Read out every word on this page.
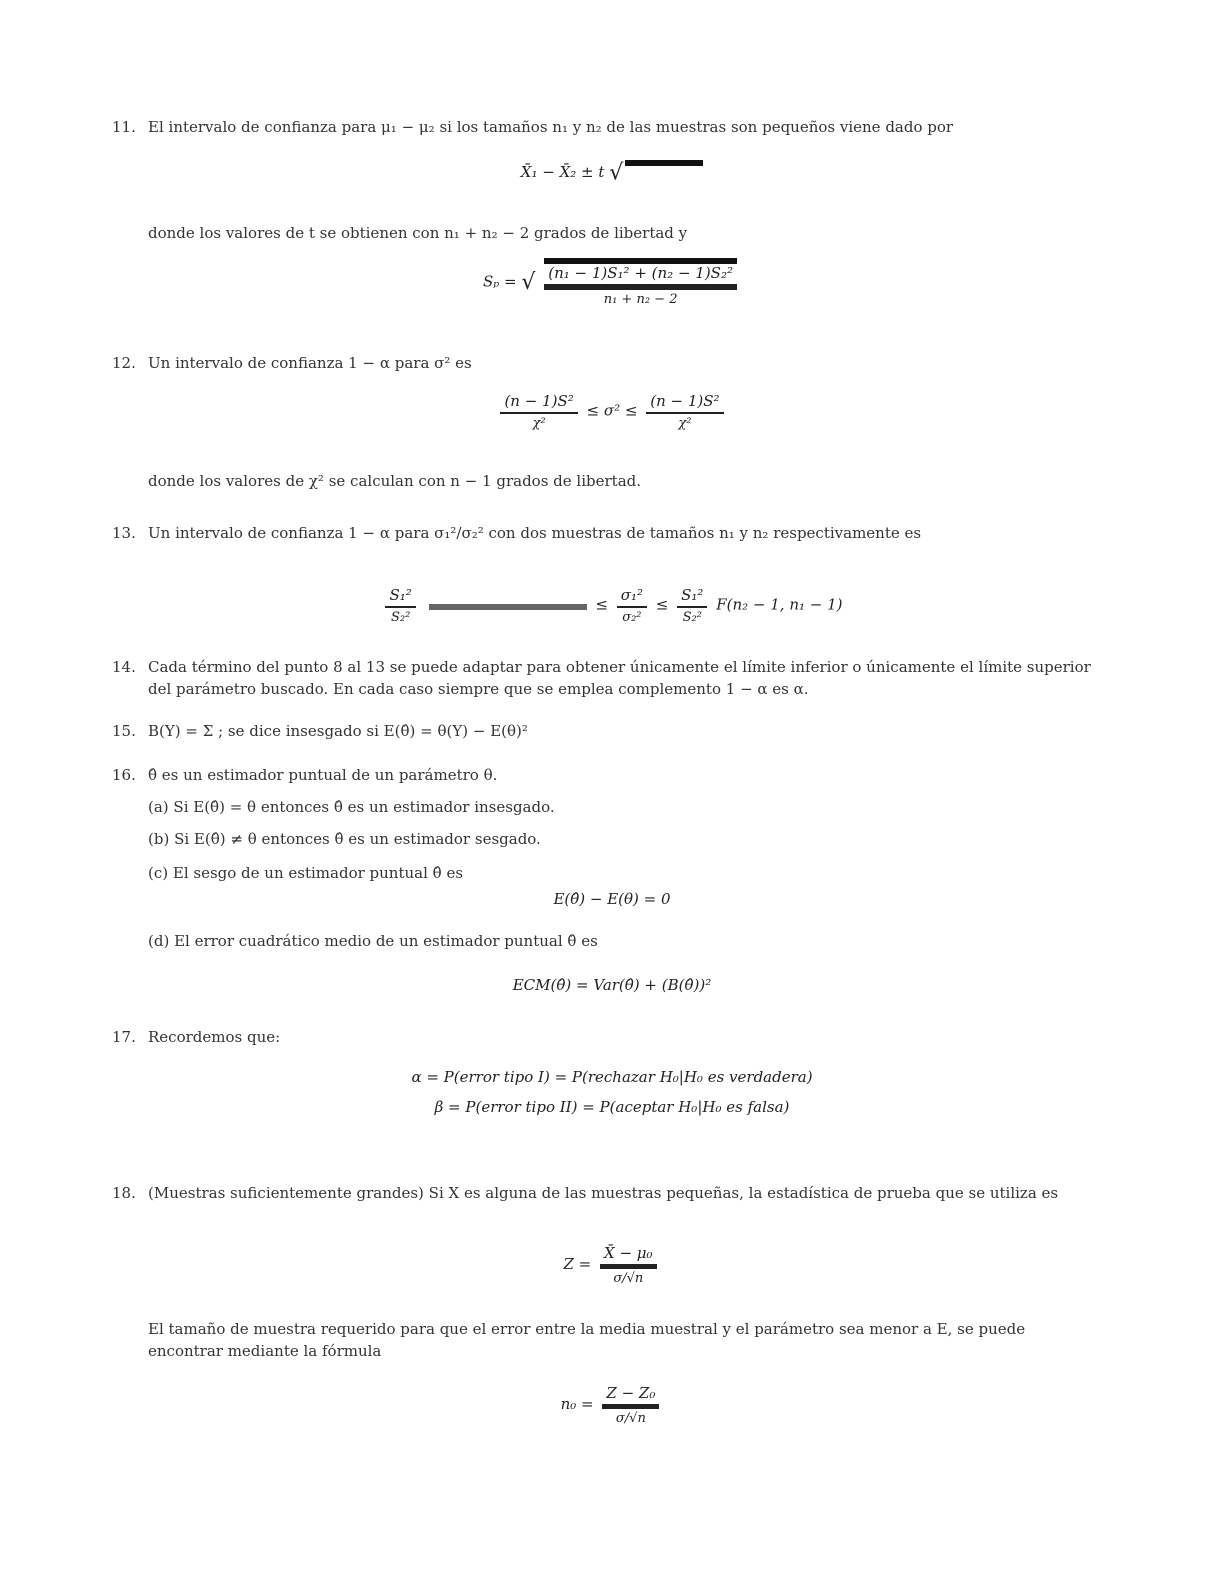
11. El intervalo de confianza para μ₁ − μ₂ si los tamaños n₁ y n₂ de las muestras son pequeños viene dado por
X̄₁ − X̄₂ ± t √
donde los valores de t se obtienen con n₁ + n₂ − 2 grados de libertad y
Sₚ = √ $\frac{\text{(n₁ − 1)S₁² + (n₂ − 1)S₂²}}{\text{n₁ + n₂ − 2}}$
12. Un intervalo de confianza 1 − α para σ² es
$\frac{\text{(n − 1)S²}}{\text{χ²}} \le \sigma^2 \le \frac{\text{(n − 1)S²}}{\text{χ²}}$
donde los valores de χ² se calculan con n − 1 grados de libertad.
13. Un intervalo de confianza 1 − α para σ₁²/σ₂² con dos muestras de tamaños n₁ y n₂ respectivamente es
$\frac{\text{S₁²}}{\text{S₂²}}$

	≤ $\frac{\text{σ₁²}}{\text{σ₂²}} \le \frac{\text{S₁²}}{\text{S₂²}} F(n_2 - 1$, n₁ − 1)
14. Cada término del punto 8 al 13 se puede adaptar para obtener únicamente el límite inferior o únicamente el límite superior del parámetro buscado. En cada caso siempre que se emplea complemento 1 − α es α.
15. B(Y) = Σ ; se dice insesgado si E(θ̂) = θ(Y) − E(θ)²
16. θ̂ es un estimador puntual de un parámetro θ.
(a) Si E(θ̂) = θ entonces θ̂ es un estimador insesgado.
(b) Si E(θ̂) ≠ θ entonces θ̂ es un estimador sesgado.
(c) El sesgo de un estimador puntual θ̂ es
E(θ̂) − E(θ) = 0
(d) El error cuadrático medio de un estimador puntual θ̂ es
ECM(θ̂) = Var(θ̂) + (B(θ̂))²
17. Recordemos que:
α = P(error tipo I) = P(rechazar H₀|H₀ es verdadera)
β = P(error tipo II) = P(aceptar H₀|H₀ es falsa)
18. (Muestras suficientemente grandes) Si X es alguna de las muestras pequeñas, la estadística de prueba que se utiliza es
$Z = \frac{\text{X̄ − μ₀}}{\sigma/√n}$
El tamaño de muestra requerido para que el error entre la media muestral y el parámetro sea menor a E, se puede encontrar mediante la fórmula
$n_0 = \frac{\text{Z − Z₀}}{\sigma/√n}$
